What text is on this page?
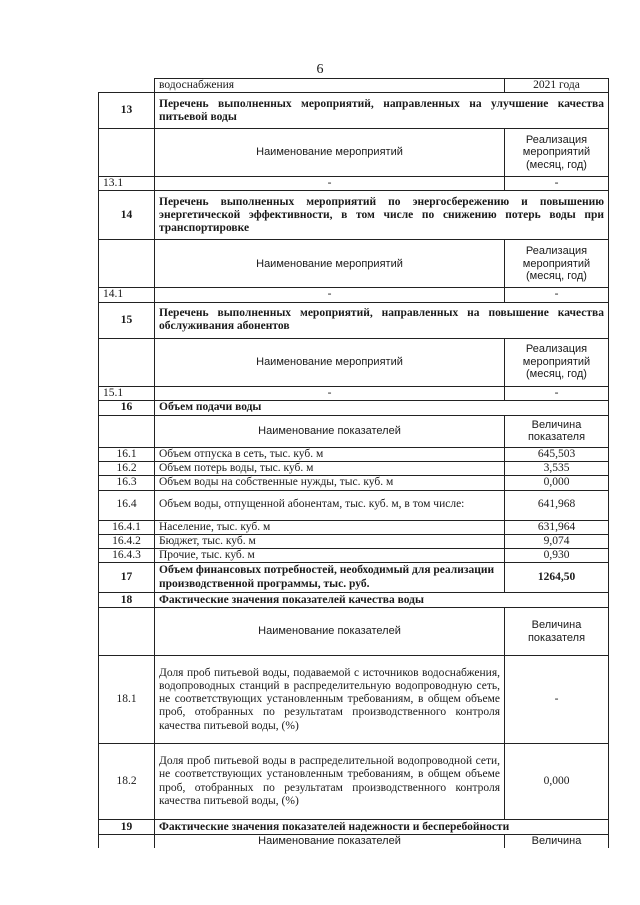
6
	водоснабжения	2021 года
13	Перечень выполненных мероприятий, направленных на улучшение качества питьевой воды	
	Наименование мероприятий	Реализация мероприятий (месяц, год)
13.1	-	-
14	Перечень выполненных мероприятий по энергосбережению и повышению энергетической эффективности, в том числе по снижению потерь воды при транспортировке	
	Наименование мероприятий	Реализация мероприятий (месяц, год)
14.1	-	-
15	Перечень выполненных мероприятий, направленных на повышение качества обслуживания абонентов	
	Наименование мероприятий	Реализация мероприятий (месяц, год)
15.1	-	-
16	Объем подачи воды	
	Наименование показателей	Величина показателя
16.1	Объем отпуска в сеть, тыс. куб. м	645,503
16.2	Объем потерь воды, тыс. куб. м	3,535
16.3	Объем воды на собственные нужды, тыс. куб. м	0,000
16.4	Объем воды, отпущенной абонентам, тыс. куб. м, в том числе:	641,968
16.4.1	Население, тыс. куб. м	631,964
16.4.2	Бюджет, тыс. куб. м	9,074
16.4.3	Прочие, тыс. куб. м	0,930
17	Объем финансовых потребностей, необходимый для реализации производственной программы, тыс. руб.	1264,50
18	Фактические значения показателей качества воды	
	Наименование показателей	Величина показателя
18.1	Доля проб питьевой воды, подаваемой с источников водоснабжения, водопроводных станций в распределительную водопроводную сеть, не соответствующих установленным требованиям, в общем объеме проб, отобранных по результатам производственного контроля качества питьевой воды, (%)	-
18.2	Доля проб питьевой воды в распределительной водопроводной сети, не соответствующих установленным требованиям, в общем объеме проб, отобранных по результатам производственного контроля качества питьевой воды, (%)	0,000
19	Фактические значения показателей надежности и бесперебойности	
	Наименование показателей	Величина
